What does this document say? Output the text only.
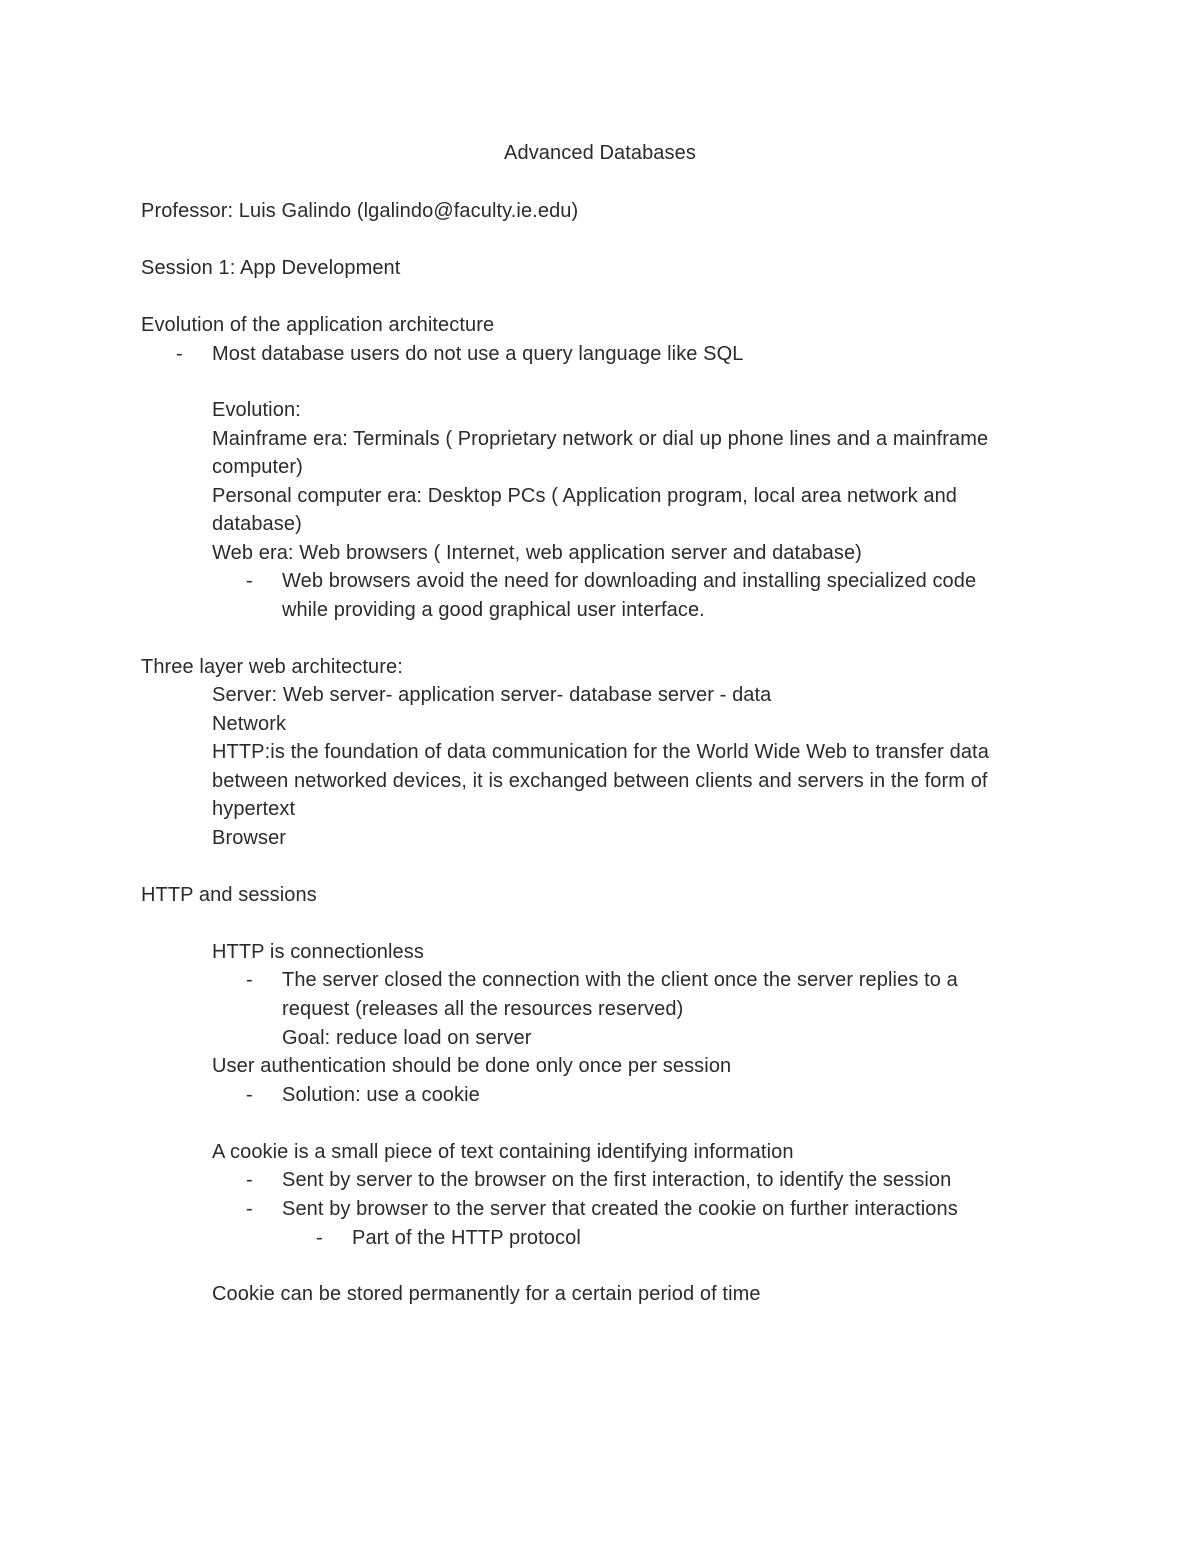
Advanced Databases
Professor: Luis Galindo (lgalindo@faculty.ie.edu)
Session 1: App Development
Evolution of the application architecture
- Most database users do not use a query language like SQL
Evolution:
Mainframe era: Terminals ( Proprietary network or dial up phone lines and a mainframe
computer)
Personal computer era: Desktop PCs ( Application program, local area network and
database)
Web era: Web browsers ( Internet, web application server and database)
- Web browsers avoid the need for downloading and installing specialized code
while providing a good graphical user interface.
Three layer web architecture:
Server: Web server- application server- database server - data
Network
HTTP:is the foundation of data communication for the World Wide Web to transfer data
between networked devices, it is exchanged between clients and servers in the form of
hypertext
Browser
HTTP and sessions
HTTP is connectionless
- The server closed the connection with the client once the server replies to a
request (releases all the resources reserved)
Goal: reduce load on server
User authentication should be done only once per session
- Solution: use a cookie
A cookie is a small piece of text containing identifying information
- Sent by server to the browser on the first interaction, to identify the session
- Sent by browser to the server that created the cookie on further interactions
- Part of the HTTP protocol
Cookie can be stored permanently for a certain period of time
